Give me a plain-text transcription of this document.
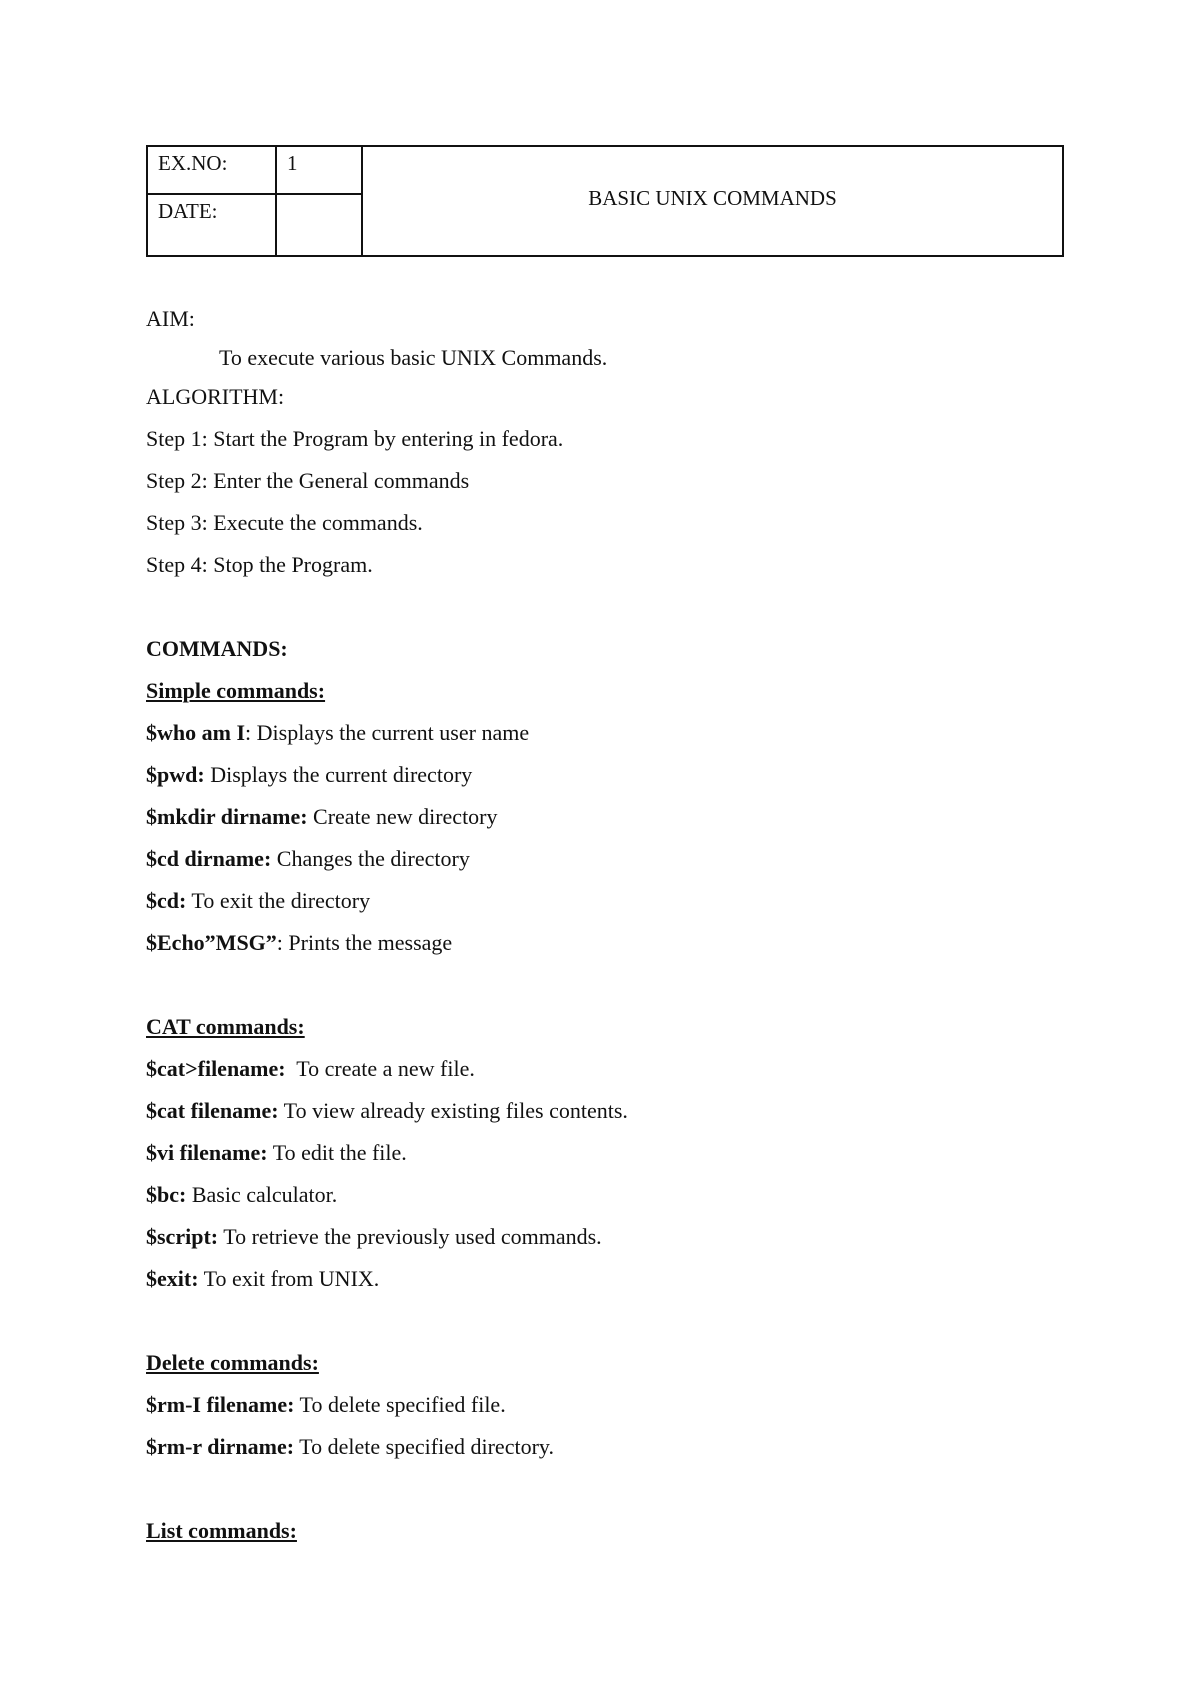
EX.NO:	1	BASIC UNIX COMMANDS
DATE:		
AIM:
To execute various basic UNIX Commands.
ALGORITHM:
Step 1: Start the Program by entering in fedora.
Step 2: Enter the General commands
Step 3: Execute the commands.
Step 4: Stop the Program.
COMMANDS:
Simple commands:
$who am I: Displays the current user name
$pwd: Displays the current directory
$mkdir dirname: Create new directory
$cd dirname: Changes the directory
$cd: To exit the directory
$Echo”MSG”: Prints the message
CAT commands:
$cat>filename:  To create a new file.
$cat filename: To view already existing files contents.
$vi filename: To edit the file.
$bc: Basic calculator.
$script: To retrieve the previously used commands.
$exit: To exit from UNIX.
Delete commands:
$rm-I filename: To delete specified file.
$rm-r dirname: To delete specified directory.
List commands:
